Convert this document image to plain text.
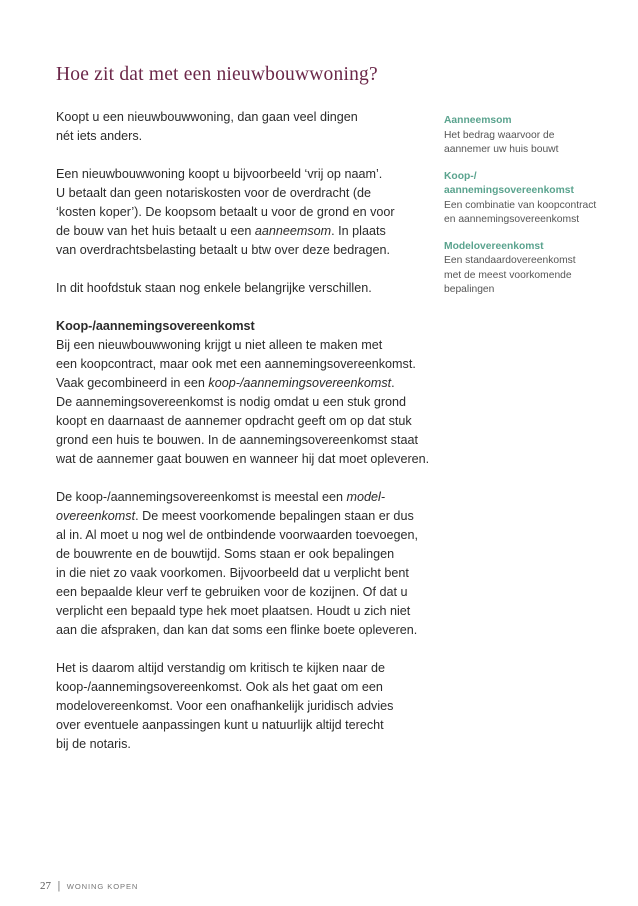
Hoe zit dat met een nieuwbouwwoning?

Koopt u een nieuwbouwwoning, dan gaan veel dingen
nét iets anders.

Een nieuwbouwwoning koopt u bijvoorbeeld ‘vrij op naam’.
U betaalt dan geen notariskosten voor de overdracht (de
‘kosten koper’). De koopsom betaalt u voor de grond en voor
de bouw van het huis betaalt u een aanneemsom. In plaats
van overdrachtsbelasting betaalt u btw over deze bedragen.

In dit hoofdstuk staan nog enkele belangrijke verschillen.

Koop-/aannemingsovereenkomst
Bij een nieuwbouwwoning krijgt u niet alleen te maken met
een koopcontract, maar ook met een aannemingsovereenkomst.
Vaak gecombineerd in een koop-/aannemingsovereenkomst.
De aannemingsovereenkomst is nodig omdat u een stuk grond
koopt en daarnaast de aannemer opdracht geeft om op dat stuk
grond een huis te bouwen. In de aannemingsovereenkomst staat
wat de aannemer gaat bouwen en wanneer hij dat moet opleveren.

De koop-/aannemingsovereenkomst is meestal een model-
overeenkomst. De meest voorkomende bepalingen staan er dus
al in. Al moet u nog wel de ontbindende voorwaarden toevoegen,
de bouwrente en de bouwtijd. Soms staan er ook bepalingen
in die niet zo vaak voorkomen. Bijvoorbeeld dat u verplicht bent
een bepaalde kleur verf te gebruiken voor de kozijnen. Of dat u
verplicht een bepaald type hek moet plaatsen. Houdt u zich niet
aan die afspraken, dan kan dat soms een flinke boete opleveren.

Het is daarom altijd verstandig om kritisch te kijken naar de
koop-/aannemingsovereenkomst. Ook als het gaat om een
modelovereenkomst. Voor een onafhankelijk juridisch advies
over eventuele aanpassingen kunt u natuurlijk altijd terecht
bij de notaris.

Aanneemsom
Het bedrag waarvoor de
aannemer uw huis bouwt
Koop-/
aannemingsovereenkomst
Een combinatie van koopcontract
en aannemingsovereenkomst
Modelovereenkomst
Een standaardovereenkomst
met de meest voorkomende
bepalingen
27 | WONING KOPEN
